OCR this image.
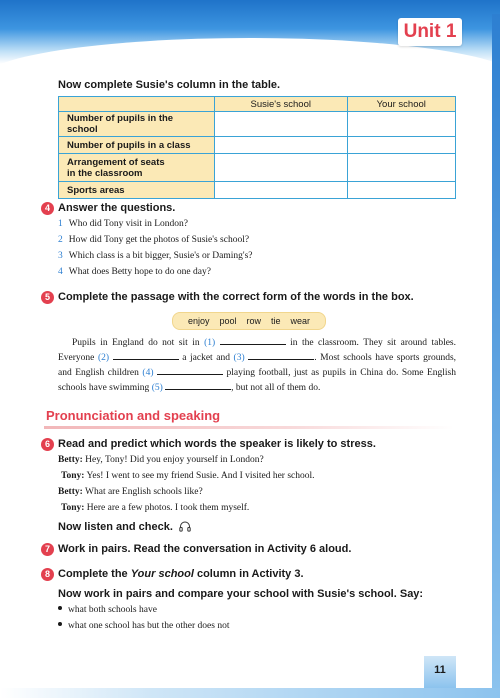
Unit 1
Now complete Susie's column in the table.
	Susie's school	Your school
Number of pupils in the school		
Number of pupils in a class		
Arrangement of seats in the classroom		
Sports areas		
4 Answer the questions.
1 Who did Tony visit in London?
2 How did Tony get the photos of Susie's school?
3 Which class is a bit bigger, Susie's or Daming's?
4 What does Betty hope to do one day?
5 Complete the passage with the correct form of the words in the box.
enjoy pool row tie wear
Pupils in England do not sit in (1)	in the classroom. They sit around tables. Everyone (2)	a jacket and (3)	. Most schools have sports grounds, and English children (4)	playing football, just as pupils in China do. Some English schools have swimming (5)	, but not all of them do.
Pronunciation and speaking
6 Read and predict which words the speaker is likely to stress.
Betty: Hey, Tony! Did you enjoy yourself in London?
Tony: Yes! I went to see my friend Susie. And I visited her school.
Betty: What are English schools like?
Tony: Here are a few photos. I took them myself.
Now listen and check.
7 Work in pairs. Read the conversation in Activity 6 aloud.
8 Complete the Your school column in Activity 3.
Now work in pairs and compare your school with Susie's school. Say:
what both schools have
what one school has but the other does not
11
